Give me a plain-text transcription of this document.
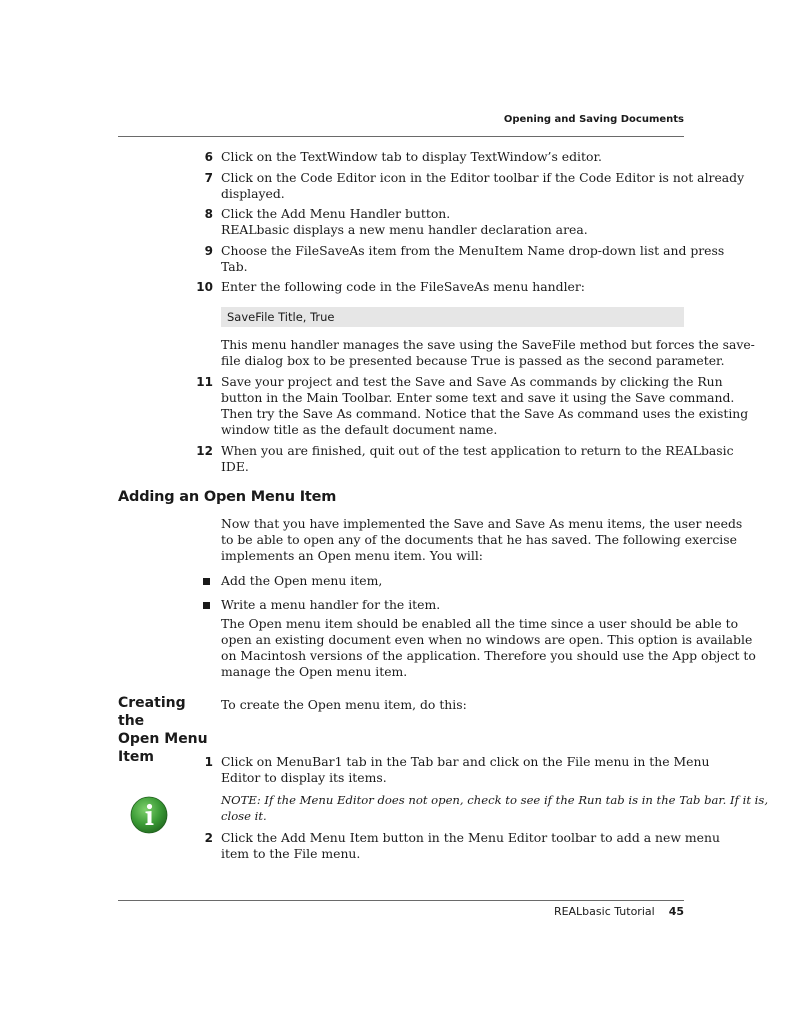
Opening and Saving Documents
6 Click on the TextWindow tab to display TextWindow’s editor.
7 Click on the Code Editor icon in the Editor toolbar if the Code Editor is not already
displayed.
8 Click the Add Menu Handler button.
REALbasic displays a new menu handler declaration area.
9 Choose the FileSaveAs item from the MenuItem Name drop-down list and press
Tab.
10 Enter the following code in the FileSaveAs menu handler:
SaveFile Title, True
This menu handler manages the save using the SaveFile method but forces the save-
file dialog box to be presented because True is passed as the second parameter.
11 Save your project and test the Save and Save As commands by clicking the Run
button in the Main Toolbar. Enter some text and save it using the Save command.
Then try the Save As command. Notice that the Save As command uses the existing
window title as the default document name.
12 When you are finished, quit out of the test application to return to the REALbasic
IDE.
Adding an Open Menu Item
Now that you have implemented the Save and Save As menu items, the user needs
to be able to open any of the documents that he has saved. The following exercise
implements an Open menu item. You will:
Add the Open menu item,
Write a menu handler for the item.
The Open menu item should be enabled all the time since a user should be able to
open an existing document even when no windows are open. This option is available
on Macintosh versions of the application. Therefore you should use the App object to
manage the Open menu item.
Creating the
Open Menu
Item
To create the Open menu item, do this:
1 Click on MenuBar1 tab in the Tab bar and click on the File menu in the Menu
Editor to display its items.
NOTE: If the Menu Editor does not open, check to see if the Run tab is in the Tab bar. If it is,
close it.
2 Click the Add Menu Item button in the Menu Editor toolbar to add a new menu
item to the File menu.
REALbasic Tutorial 45
